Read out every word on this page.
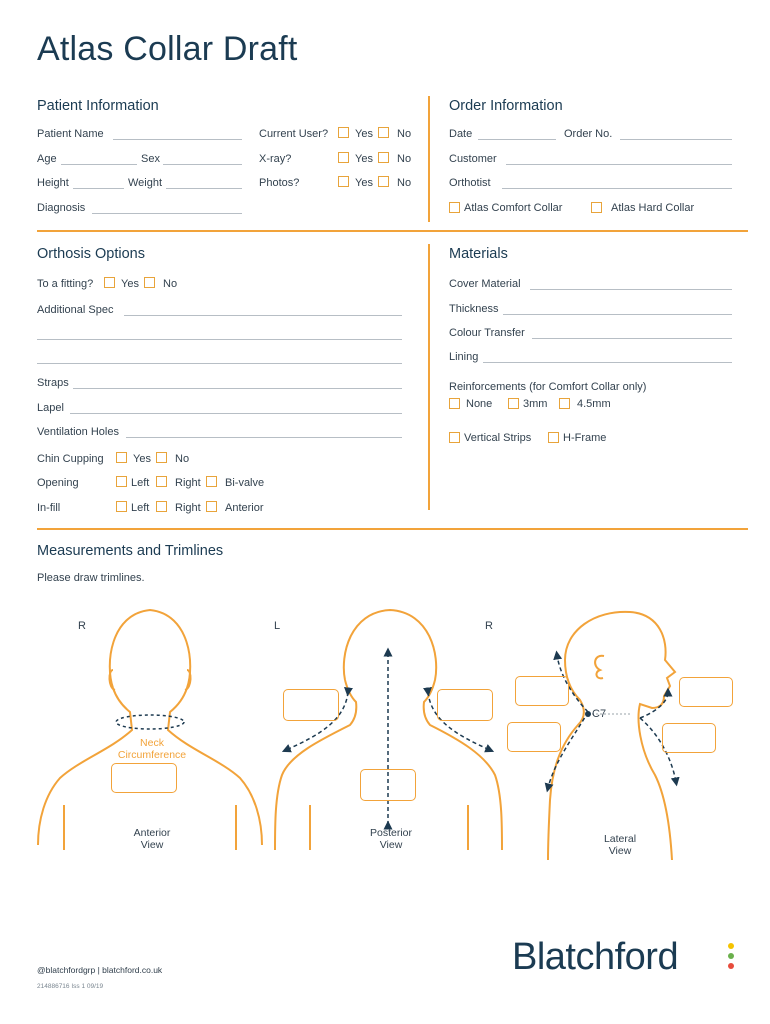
Atlas Collar Draft
Patient Information
Patient Name	Current User? Yes No
Age	Sex	X-ray?	Yes No
Height	Weight	Photos?	Yes No
Diagnosis
Order Information
Date	Order No.
Customer
Orthotist
Atlas Comfort Collar	Atlas Hard Collar
Orthosis Options
To a fitting?	Yes No
Additional Spec
Straps
Lapel
Ventilation Holes
Chin Cupping	Yes No
Opening	Left Right Bi-valve
In-fill	Left Right Anterior
Materials
Cover Material
Thickness
Colour Transfer
Lining
Reinforcements (for Comfort Collar only)
None	3mm	4.5mm
Vertical Strips	H-Frame
Measurements and Trimlines
Please draw trimlines.
R	L	R
Neck
Circumference
C7
Anterior
View
Posterior
View	Lateral
View
@blatchfordgrp | blatchford.co.uk
214886716 Iss 1 09/19
Blatchford
